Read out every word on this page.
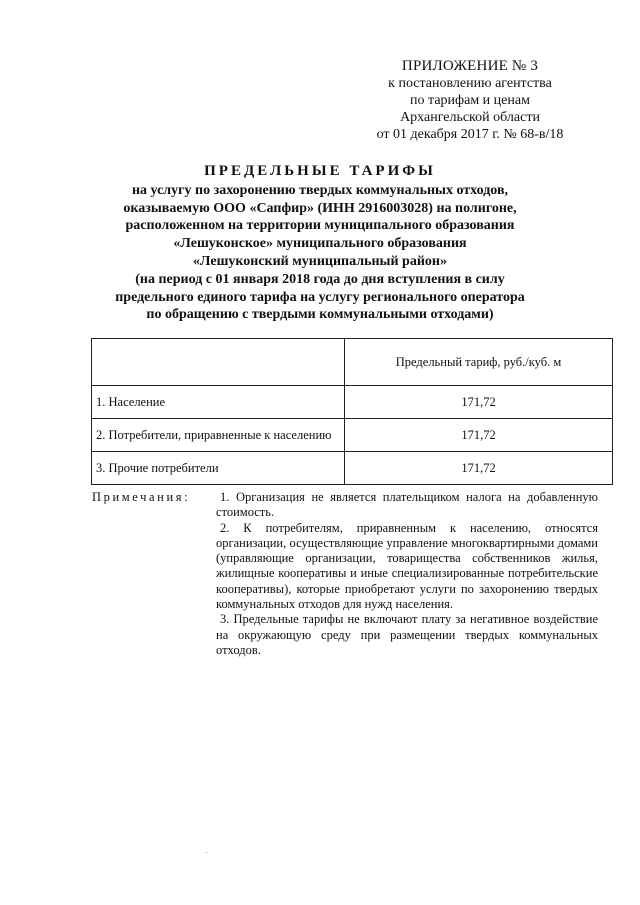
ПРИЛОЖЕНИЕ № 3
к постановлению агентства
по тарифам и ценам
Архангельской области
от 01 декабря 2017 г. № 68-в/18
ПРЕДЕЛЬНЫЕ ТАРИФЫ
на услугу по захоронению твердых коммунальных отходов,
оказываемую ООО «Сапфир» (ИНН 2916003028) на полигоне,
расположенном на территории муниципального образования
«Лешуконское» муниципального образования
«Лешуконский муниципальный район»
(на период с 01 января 2018 года до дня вступления в силу
предельного единого тарифа на услугу регионального оператора
по обращению с твердыми коммунальными отходами)
	Предельный тариф, руб./куб. м
1. Население	171,72
2. Потребители, приравненные к населению	171,72
3. Прочие потребители	171,72
Примечания:	1. Организация не является плательщиком налога на добавленную стоимость.

2. К потребителям, приравненным к населению, относятся организации, осуществляющие управление многоквартирными домами (управляющие организации, товарищества собственников жилья, жилищные кооперативы и иные специализированные потребительские кооперативы), которые приобретают услуги по захоронению твердых коммунальных отходов для нужд населения.

3. Предельные тарифы не включают плату за негативное воздействие на окружающую среду при размещении твердых коммунальных отходов.
